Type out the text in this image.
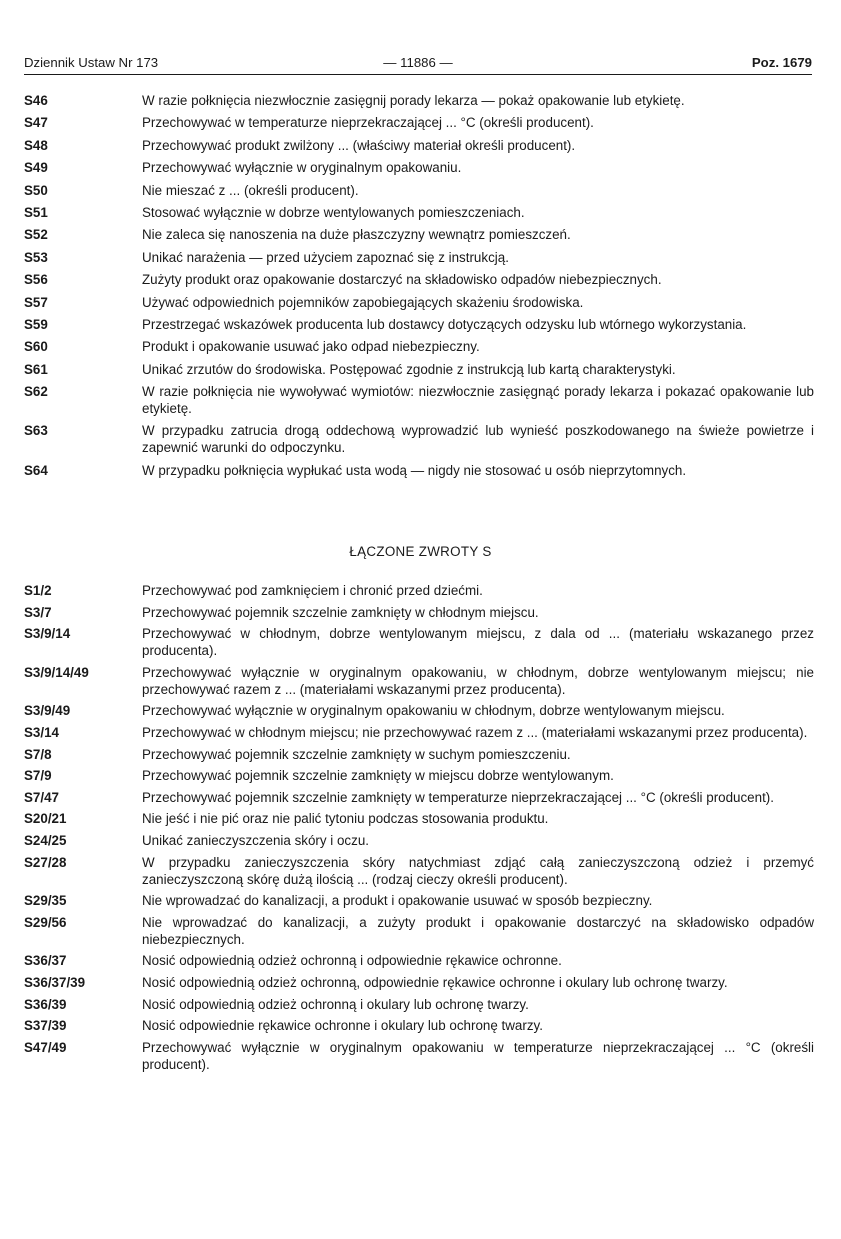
Dziennik Ustaw Nr 173	— 11886 —	Poz. 1679
S46	W razie połknięcia niezwłocznie zasięgnij porady lekarza — pokaż opakowanie lub etykietę.
S47	Przechowywać w temperaturze nieprzekraczającej ... °C (określi producent).
S48	Przechowywać produkt zwilżony ... (właściwy materiał określi producent).
S49	Przechowywać wyłącznie w oryginalnym opakowaniu.
S50	Nie mieszać z ... (określi producent).
S51	Stosować wyłącznie w dobrze wentylowanych pomieszczeniach.
S52	Nie zaleca się nanoszenia na duże płaszczyzny wewnątrz pomieszczeń.
S53	Unikać narażenia — przed użyciem zapoznać się z instrukcją.
S56	Zużyty produkt oraz opakowanie dostarczyć na składowisko odpadów niebezpiecznych.
S57	Używać odpowiednich pojemników zapobiegających skażeniu środowiska.
S59	Przestrzegać wskazówek producenta lub dostawcy dotyczących odzysku lub wtórnego wykorzystania.
S60	Produkt i opakowanie usuwać jako odpad niebezpieczny.
S61	Unikać zrzutów do środowiska. Postępować zgodnie z instrukcją lub kartą charakterystyki.
S62	W razie połknięcia nie wywoływać wymiotów: niezwłocznie zasięgnąć porady lekarza i pokazać opakowanie lub etykietę.
S63	W przypadku zatrucia drogą oddechową wyprowadzić lub wynieść poszkodowanego na świeże powietrze i zapewnić warunki do odpoczynku.
S64	W przypadku połknięcia wypłukać usta wodą — nigdy nie stosować u osób nieprzytomnych.
ŁĄCZONE ZWROTY S
S1/2	Przechowywać pod zamknięciem i chronić przed dziećmi.
S3/7	Przechowywać pojemnik szczelnie zamknięty w chłodnym miejscu.
S3/9/14	Przechowywać w chłodnym, dobrze wentylowanym miejscu, z dala od ... (materiału wskazanego przez producenta).
S3/9/14/49	Przechowywać wyłącznie w oryginalnym opakowaniu, w chłodnym, dobrze wentylowanym miejscu; nie przechowywać razem z ... (materiałami wskazanymi przez producenta).
S3/9/49	Przechowywać wyłącznie w oryginalnym opakowaniu w chłodnym, dobrze wentylowanym miejscu.
S3/14	Przechowywać w chłodnym miejscu; nie przechowywać razem z ... (materiałami wskazanymi przez producenta).
S7/8	Przechowywać pojemnik szczelnie zamknięty w suchym pomieszczeniu.
S7/9	Przechowywać pojemnik szczelnie zamknięty w miejscu dobrze wentylowanym.
S7/47	Przechowywać pojemnik szczelnie zamknięty w temperaturze nieprzekraczającej ... °C (określi producent).
S20/21	Nie jeść i nie pić oraz nie palić tytoniu podczas stosowania produktu.
S24/25	Unikać zanieczyszczenia skóry i oczu.
S27/28	W przypadku zanieczyszczenia skóry natychmiast zdjąć całą zanieczyszczoną odzież i przemyć zanieczyszczoną skórę dużą ilością ... (rodzaj cieczy określi producent).
S29/35	Nie wprowadzać do kanalizacji, a produkt i opakowanie usuwać w sposób bezpieczny.
S29/56	Nie wprowadzać do kanalizacji, a zużyty produkt i opakowanie dostarczyć na składowisko odpadów niebezpiecznych.
S36/37	Nosić odpowiednią odzież ochronną i odpowiednie rękawice ochronne.
S36/37/39	Nosić odpowiednią odzież ochronną, odpowiednie rękawice ochronne i okulary lub ochronę twarzy.
S36/39	Nosić odpowiednią odzież ochronną i okulary lub ochronę twarzy.
S37/39	Nosić odpowiednie rękawice ochronne i okulary lub ochronę twarzy.
S47/49	Przechowywać wyłącznie w oryginalnym opakowaniu w temperaturze nieprzekraczającej ... °C (określi producent).
